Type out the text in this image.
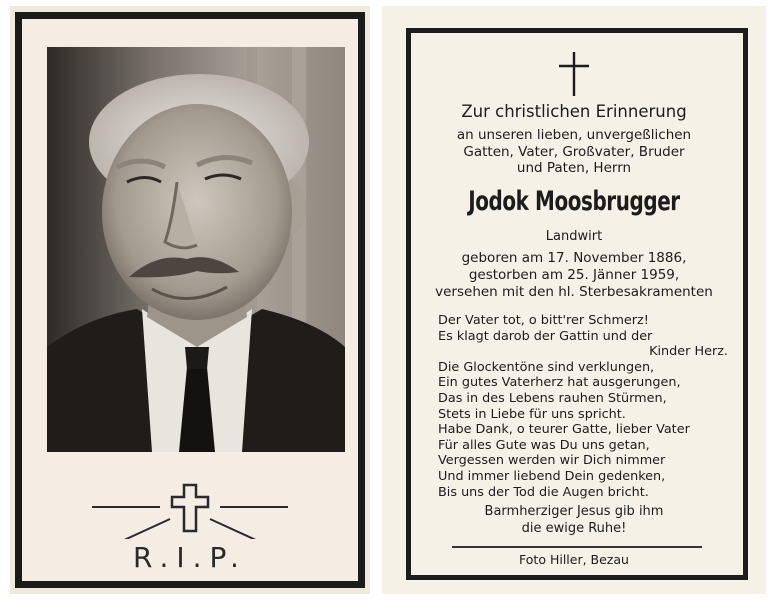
R.I.P.
Zur christlichen Erinnerung
an unseren lieben, unvergeßlichen
Gatten, Vater, Großvater, Bruder
und Paten, Herrn
Jodok Moosbrugger
Landwirt
geboren am 17. November 1886,
gestorben am 25. Jänner 1959,
versehen mit den hl. Sterbesakramenten
Der Vater tot, o bitt'rer Schmerz!
Es klagt darob der Gattin und der
Kinder Herz.
Die Glockentöne sind verklungen,
Ein gutes Vaterherz hat ausgerungen,
Das in des Lebens rauhen Stürmen,
Stets in Liebe für uns spricht.
Habe Dank, o teurer Gatte, lieber Vater
Für alles Gute was Du uns getan,
Vergessen werden wir Dich nimmer
Und immer liebend Dein gedenken,
Bis uns der Tod die Augen bricht.
Barmherziger Jesus gib ihm
die ewige Ruhe!
Foto Hiller, Bezau
